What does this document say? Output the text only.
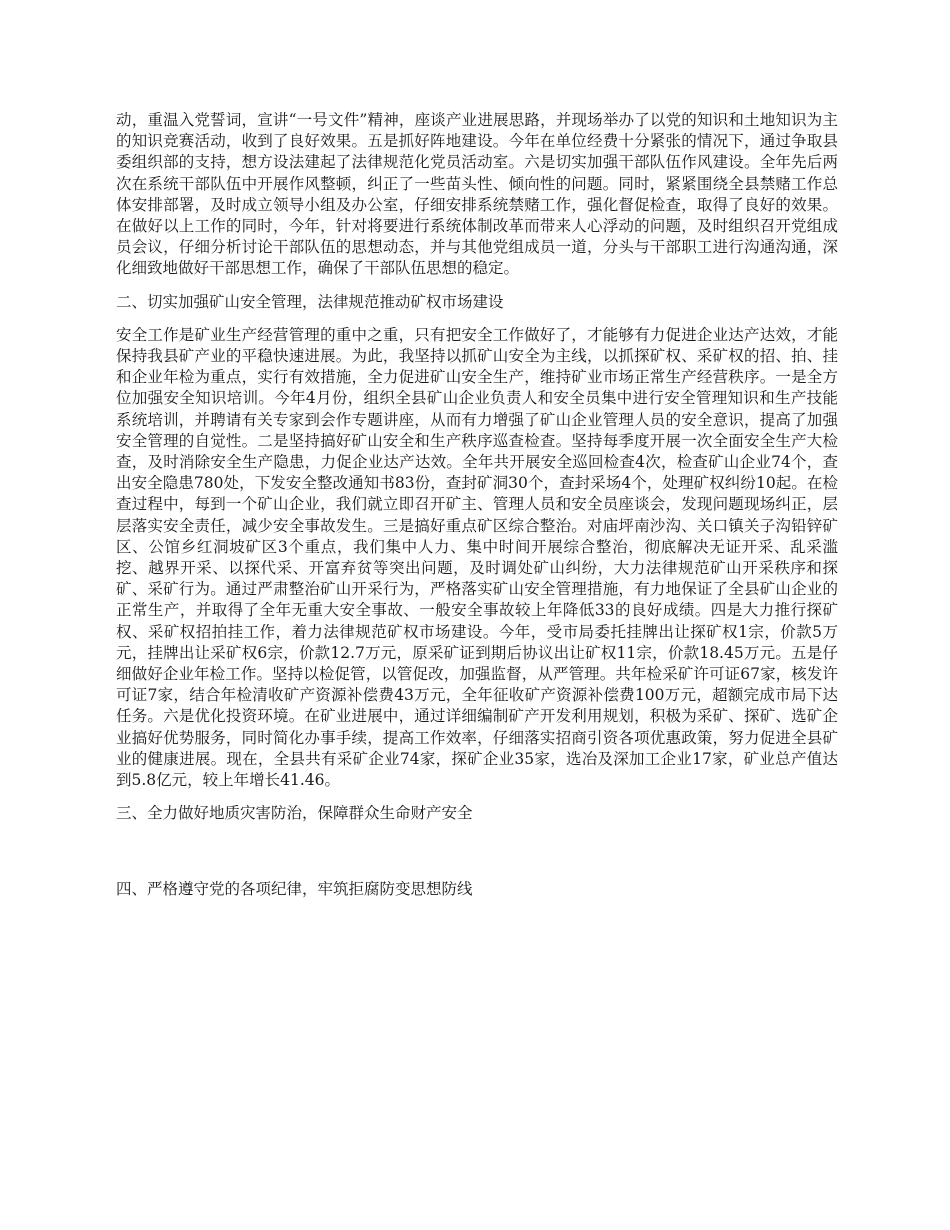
动，重温入党誓词，宣讲“一号文件”精神，座谈产业进展思路，并现场举办了以党的知识和土地知识为主的知识竞赛活动，收到了良好效果。五是抓好阵地建设。今年在单位经费十分紧张的情况下，通过争取县委组织部的支持，想方设法建起了法律规范化党员活动室。六是切实加强干部队伍作风建设。全年先后两次在系统干部队伍中开展作风整顿，纠正了一些苗头性、倾向性的问题。同时，紧紧围绕全县禁赌工作总体安排部署，及时成立领导小组及办公室，仔细安排系统禁赌工作，强化督促检查，取得了良好的效果。在做好以上工作的同时，今年，针对将要进行系统体制改革而带来人心浮动的问题，及时组织召开党组成员会议，仔细分析讨论干部队伍的思想动态，并与其他党组成员一道，分头与干部职工进行沟通沟通，深化细致地做好干部思想工作，确保了干部队伍思想的稳定。

二、切实加强矿山安全管理，法律规范推动矿权市场建设

安全工作是矿业生产经营管理的重中之重，只有把安全工作做好了，才能够有力促进企业达产达效，才能保持我县矿产业的平稳快速进展。为此，我坚持以抓矿山安全为主线，以抓探矿权、采矿权的招、拍、挂和企业年检为重点，实行有效措施，全力促进矿山安全生产，维持矿业市场正常生产经营秩序。一是全方位加强安全知识培训。今年4月份，组织全县矿山企业负责人和安全员集中进行安全管理知识和生产技能系统培训，并聘请有关专家到会作专题讲座，从而有力增强了矿山企业管理人员的安全意识，提高了加强安全管理的自觉性。二是坚持搞好矿山安全和生产秩序巡查检查。坚持每季度开展一次全面安全生产大检查，及时消除安全生产隐患，力促企业达产达效。全年共开展安全巡回检查4次，检查矿山企业74个，查出安全隐患780处，下发安全整改通知书83份，查封矿洞30个，查封采场4个，处理矿权纠纷10起。在检查过程中，每到一个矿山企业，我们就立即召开矿主、管理人员和安全员座谈会，发现问题现场纠正，层层落实安全责任，减少安全事故发生。三是搞好重点矿区综合整治。对庙坪南沙沟、关口镇关子沟铅锌矿区、公馆乡红洞坡矿区3个重点，我们集中人力、集中时间开展综合整治，彻底解决无证开采、乱采滥挖、越界开采、以探代采、开富弃贫等突出问题，及时调处矿山纠纷，大力法律规范矿山开采秩序和探矿、采矿行为。通过严肃整治矿山开采行为，严格落实矿山安全管理措施，有力地保证了全县矿山企业的正常生产，并取得了全年无重大安全事故、一般安全事故较上年降低33的良好成绩。四是大力推行探矿权、采矿权招拍挂工作，着力法律规范矿权市场建设。今年，受市局委托挂牌出让探矿权1宗，价款5万元，挂牌出让采矿权6宗，价款12.7万元，原采矿证到期后协议出让矿权11宗，价款18.45万元。五是仔细做好企业年检工作。坚持以检促管，以管促改，加强监督，从严管理。共年检采矿许可证67家，核发许可证7家，结合年检清收矿产资源补偿费43万元，全年征收矿产资源补偿费100万元，超额完成市局下达任务。六是优化投资环境。在矿业进展中，通过详细编制矿产开发利用规划，积极为采矿、探矿、选矿企业搞好优势服务，同时简化办事手续，提高工作效率，仔细落实招商引资各项优惠政策，努力促进全县矿业的健康进展。现在，全县共有采矿企业74家，探矿企业35家，选冶及深加工企业17家，矿业总产值达到5.8亿元，较上年增长41.46。

三、全力做好地质灾害防治，保障群众生命财产安全

四、严格遵守党的各项纪律，牢筑拒腐防变思想防线
